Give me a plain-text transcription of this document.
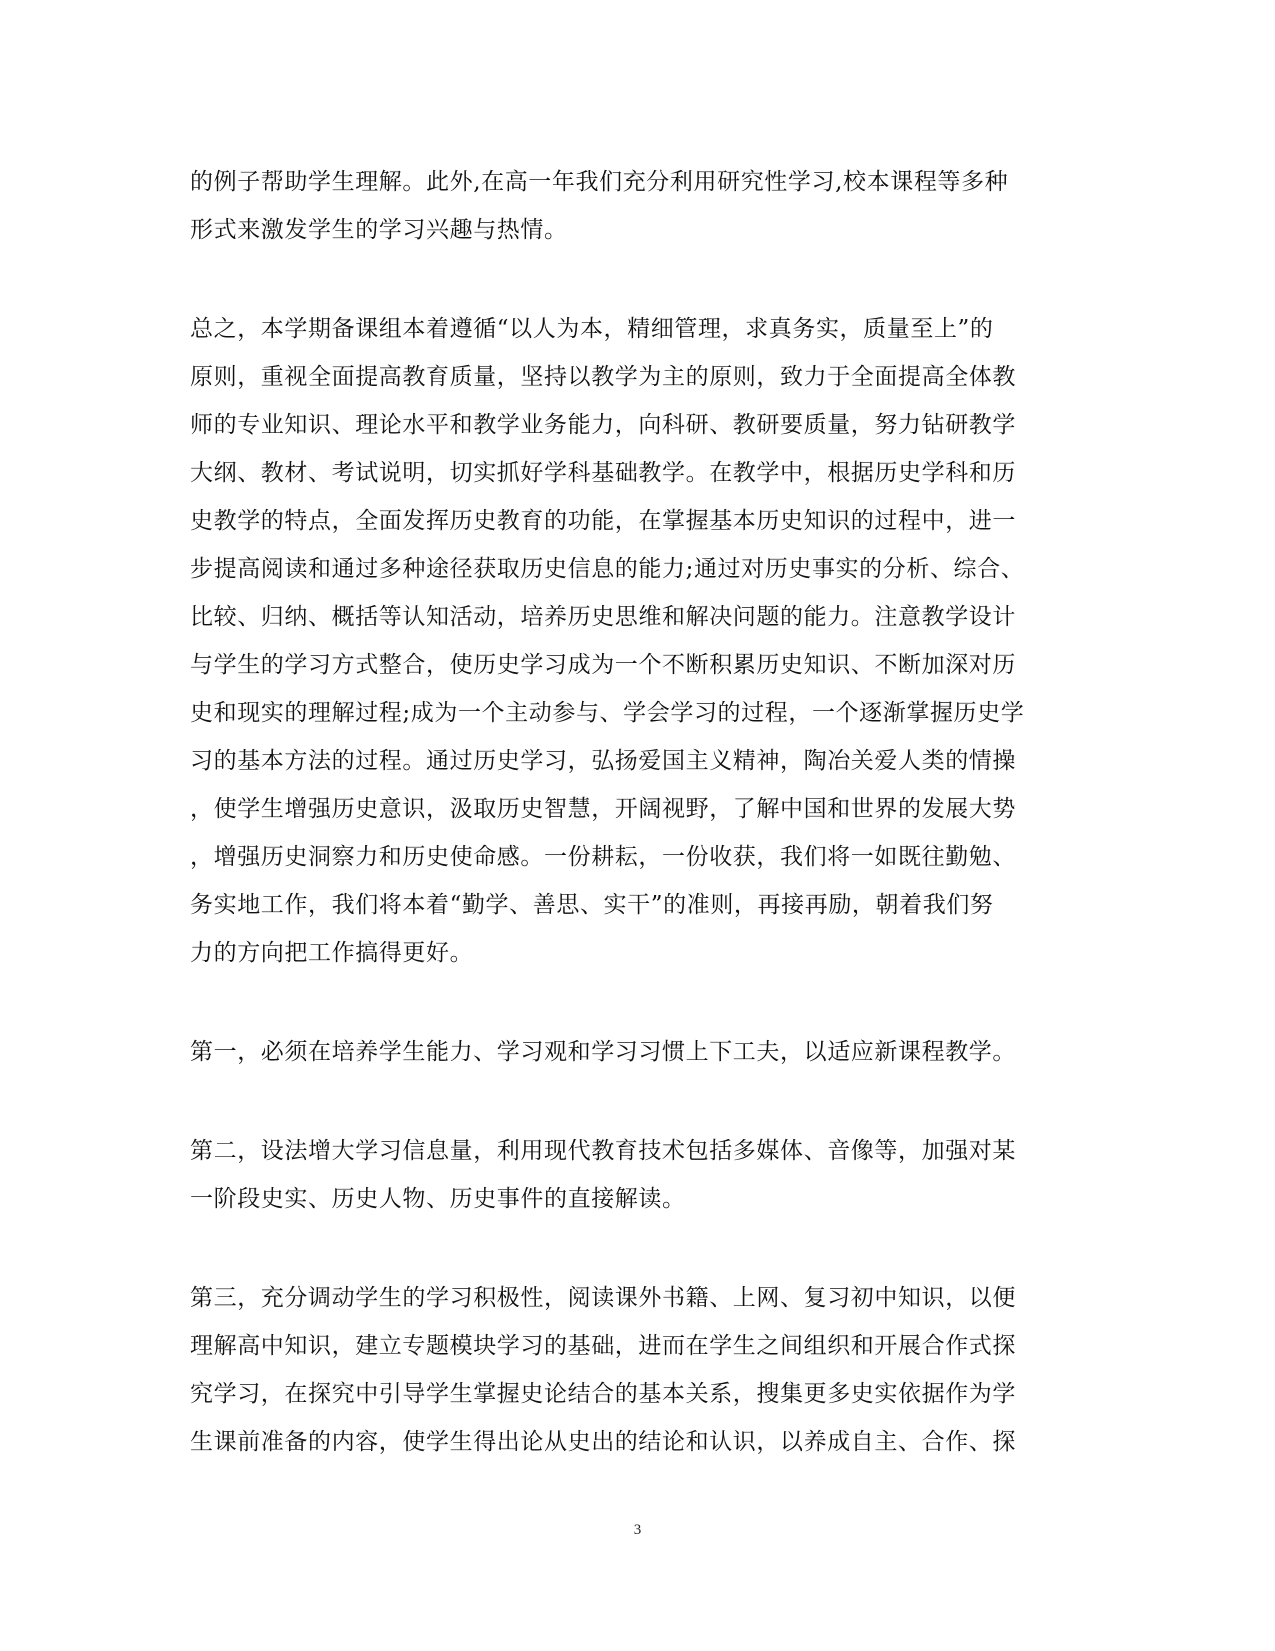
的例子帮助学生理解。此外,在高一年我们充分利用研究性学习,校本课程等多种
形式来激发学生的学习兴趣与热情。
总之，本学期备课组本着遵循“以人为本，精细管理，求真务实，质量至上”的
原则，重视全面提高教育质量，坚持以教学为主的原则，致力于全面提高全体教
师的专业知识、理论水平和教学业务能力，向科研、教研要质量，努力钻研教学
大纲、教材、考试说明，切实抓好学科基础教学。在教学中，根据历史学科和历
史教学的特点，全面发挥历史教育的功能，在掌握基本历史知识的过程中，进一
步提高阅读和通过多种途径获取历史信息的能力;通过对历史事实的分析、综合、
比较、归纳、概括等认知活动，培养历史思维和解决问题的能力。注意教学设计
与学生的学习方式整合，使历史学习成为一个不断积累历史知识、不断加深对历
史和现实的理解过程;成为一个主动参与、学会学习的过程，一个逐渐掌握历史学
习的基本方法的过程。通过历史学习，弘扬爱国主义精神，陶冶关爱人类的情操
，使学生增强历史意识，汲取历史智慧，开阔视野，了解中国和世界的发展大势
，增强历史洞察力和历史使命感。一份耕耘，一份收获，我们将一如既往勤勉、
务实地工作，我们将本着“勤学、善思、实干”的准则，再接再励，朝着我们努
力的方向把工作搞得更好。
第一，必须在培养学生能力、学习观和学习习惯上下工夫，以适应新课程教学。
第二，设法增大学习信息量，利用现代教育技术包括多媒体、音像等，加强对某
一阶段史实、历史人物、历史事件的直接解读。
第三，充分调动学生的学习积极性，阅读课外书籍、上网、复习初中知识，以便
理解高中知识，建立专题模块学习的基础，进而在学生之间组织和开展合作式探
究学习，在探究中引导学生掌握史论结合的基本关系，搜集更多史实依据作为学
生课前准备的内容，使学生得出论从史出的结论和认识，以养成自主、合作、探
3
